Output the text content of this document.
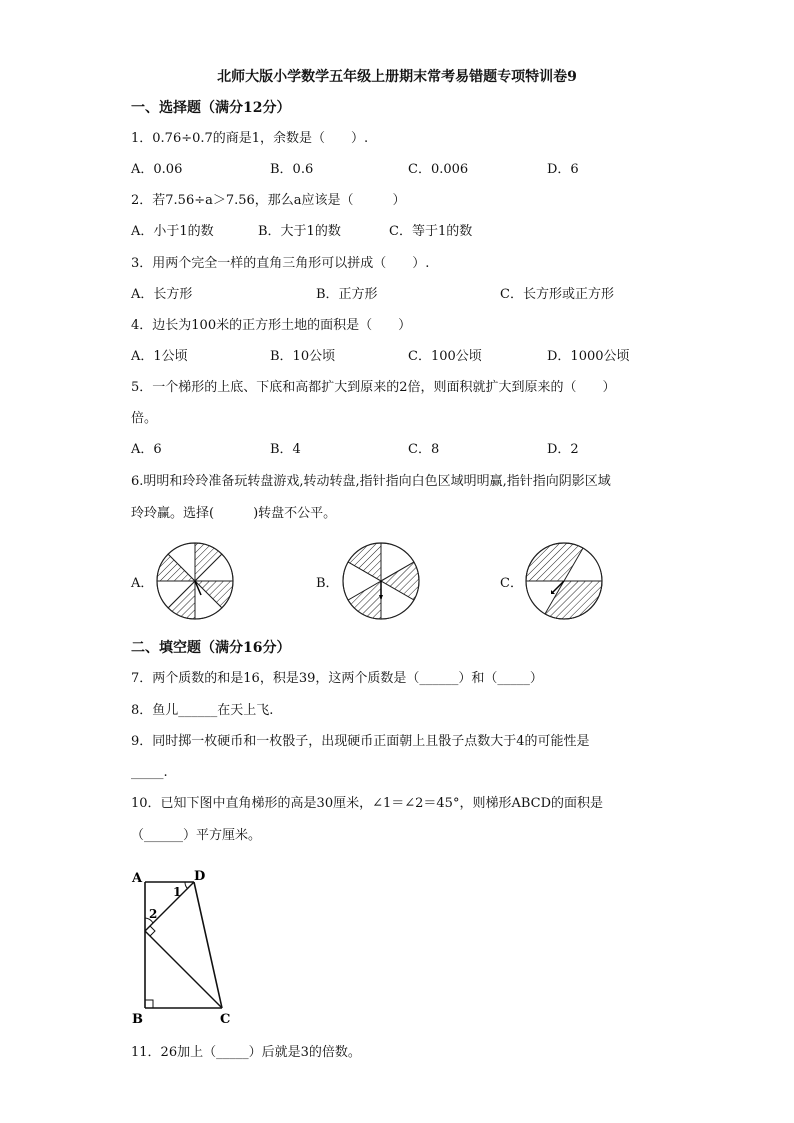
北师大版小学数学五年级上册期末常考易错题专项特训卷9
一、选择题（满分12分）
1．0.76÷0.7的商是1，余数是（　　）.
A．0.06	B．0.6	C．0.006	D．6
2．若7.56÷a＞7.56，那么a应该是（　　　）
A．小于1的数	B．大于1的数	C．等于1的数
3．用两个完全一样的直角三角形可以拼成（　　）.
A．长方形	B．正方形	C．长方形或正方形
4．边长为100米的正方形土地的面积是（　　）
A．1公顷	B．10公顷	C．100公顷	D．1000公顷
5．一个梯形的上底、下底和高都扩大到原来的2倍，则面积就扩大到原来的（　　）
倍。
A．6	B．4	C．8	D．2
6.明明和玲玲准备玩转盘游戏,转动转盘,指针指向白色区域明明赢,指针指向阴影区域
玲玲赢。选择(　　　)转盘不公平。
A．	B．	C．
二、填空题（满分16分）
7．两个质数的和是16，积是39，这两个质数是（______）和（_____）
8．鱼儿______在天上飞.
9．同时掷一枚硬币和一枚骰子，出现硬币正面朝上且骰子点数大于4的可能性是
_____.
10．已知下图中直角梯形的高是30厘米，∠1＝∠2＝45°，则梯形ABCD的面积是
（______）平方厘米。
A	D
B	C
1
2
11．26加上（_____）后就是3的倍数。
